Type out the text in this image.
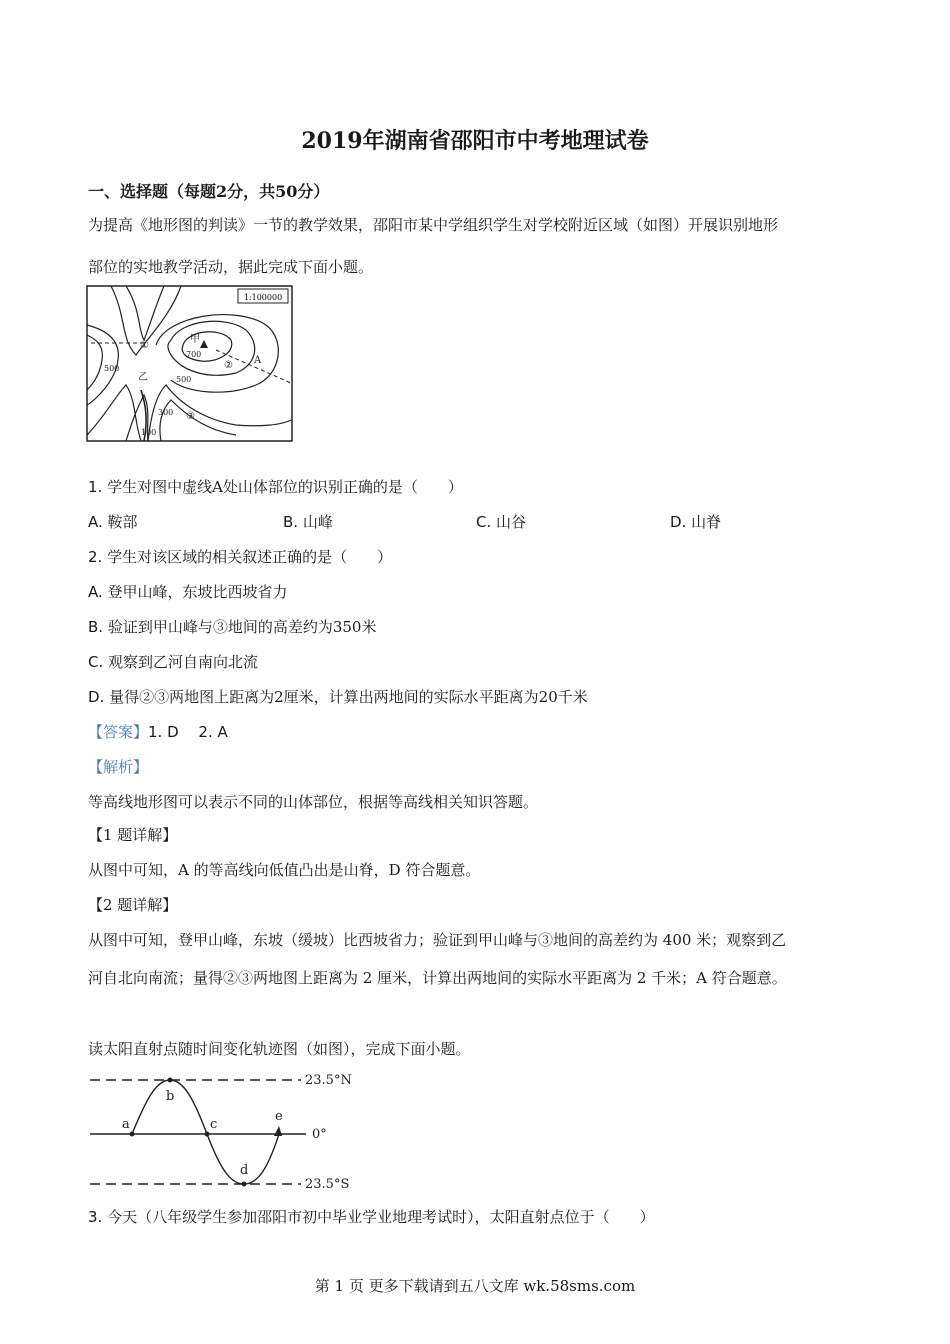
2019年湖南省邵阳市中考地理试卷
一、选择题（每题2分，共50分）
为提高《地形图的判读》一节的教学效果，邵阳市某中学组织学生对学校附近区域（如图）开展识别地形
部位的实地教学活动，据此完成下面小题。
1:100000
甲
乙
A
①
②
③
700
500
500
300
100
1. 学生对图中虚线A处山体部位的识别正确的是（　　）
A. 鞍部	B. 山峰	C. 山谷	D. 山脊
2. 学生对该区域的相关叙述正确的是（　　）
A. 登甲山峰，东坡比西坡省力
B. 验证到甲山峰与③地间的高差约为350米
C. 观察到乙河自南向北流
D. 量得②③两地图上距离为2厘米，计算出两地间的实际水平距离为20千米
【答案】1. D　 2. A
【解析】
等高线地形图可以表示不同的山体部位，根据等高线相关知识答题。
【1 题详解】
从图中可知，A 的等高线向低值凸出是山脊，D 符合题意。
【2 题详解】
从图中可知，登甲山峰，东坡（缓坡）比西坡省力；验证到甲山峰与③地间的高差约为 400 米；观察到乙
河自北向南流；量得②③两地图上距离为 2 厘米，计算出两地间的实际水平距离为 2 千米；A 符合题意。
读太阳直射点随时间变化轨迹图（如图），完成下面小题。
23.5°N
0°
23.5°S
a
b
c
d
e
3. 今天（八年级学生参加邵阳市初中毕业学业地理考试时），太阳直射点位于（　　）
第 1 页 更多下载请到五八文库 wk.58sms.com
